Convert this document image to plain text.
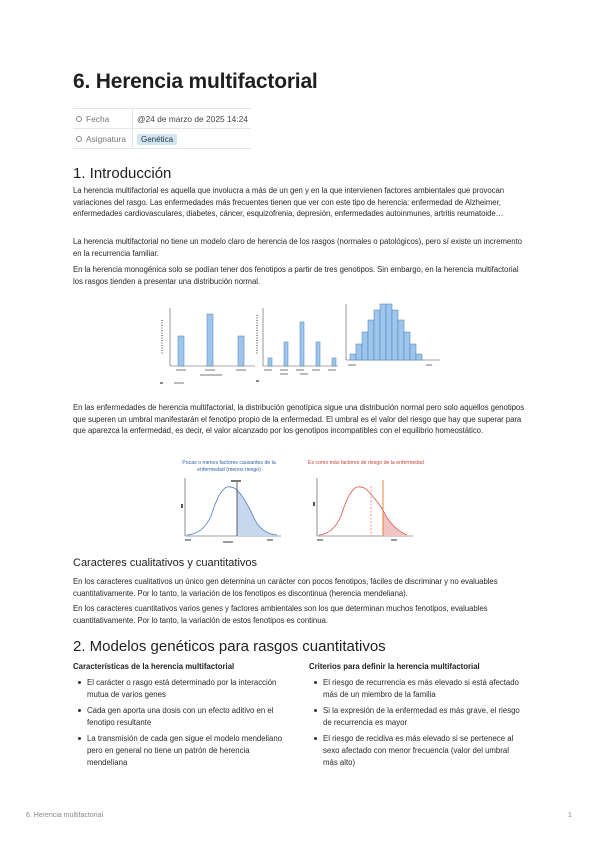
6. Herencia multifactorial
Fecha	@24 de marzo de 2025 14:24
Asignatura	Genética
1. Introducción

La herencia multifactorial es aquella que involucra a más de un gen y en la que intervienen factores ambientales que provocan variaciones del rasgo. Las enfermedades más frecuentes tienen que ver con este tipo de herencia: enfermedad de Alzheimer, enfermedades cardiovasculares, diabetes, cáncer, esquizofrenia, depresión, enfermedades autoinmunes, artritis reumatoide…

La herencia multifactorial no tiene un modelo claro de herencia de los rasgos (normales o patológicos), pero sí existe un incremento en la recurrencia familiar.

En la herencia monogénica solo se podían tener dos fenotipos a partir de tres genotipos. Sin embargo, en la herencia multifactorial los rasgos tienden a presentar una distribución normal.

En las enfermedades de herencia multifactorial, la distribución genotípica sigue una distribución normal pero solo aquellos genotipos que superen un umbral manifestarán el fenotipo propio de la enfermedad. El umbral es el valor del riesgo que hay que superar para que aparezca la enfermedad, es decir, el valor alcanzado por los genotipos incompatibles con el equilibrio homeostático.

Pocas o menos factores causantes de la enfermedad (menos riesgo)
Es como más factores de riesgo de la enfermedad
Caracteres cualitativos y cuantitativos

En los caracteres cualitativos un único gen determina un carácter con pocos fenotipos, fáciles de discriminar y no evaluables cuantitativamente. Por lo tanto, la variación de los fenotipos es discontinua (herencia mendeliana).

En los caracteres cuantitativos varios genes y factores ambientales son los que determinan muchos fenotipos, evaluables cuantitativamente. Por lo tanto, la variación de estos fenotipos es continua.

2. Modelos genéticos para rasgos cuantitativos
Características de la herencia multifactorial
El carácter o rasgo está determinado por la interacción mutua de varios genes
Cada gen aporta una dosis con un efecto aditivo en el fenotipo resultante
La transmisión de cada gen sigue el modelo mendeliano pero en general no tiene un patrón de herencia mendeliana
Criterios para definir la herencia multifactorial
El riesgo de recurrencia es más elevado si está afectado más de un miembro de la familia
Si la expresión de la enfermedad es más grave, el riesgo de recurrencia es mayor
El riesgo de recidiva es más elevado si se pertenece al sexo afectado con menor frecuencia (valor del umbral más alto)
6. Herencia multifactorial	1
